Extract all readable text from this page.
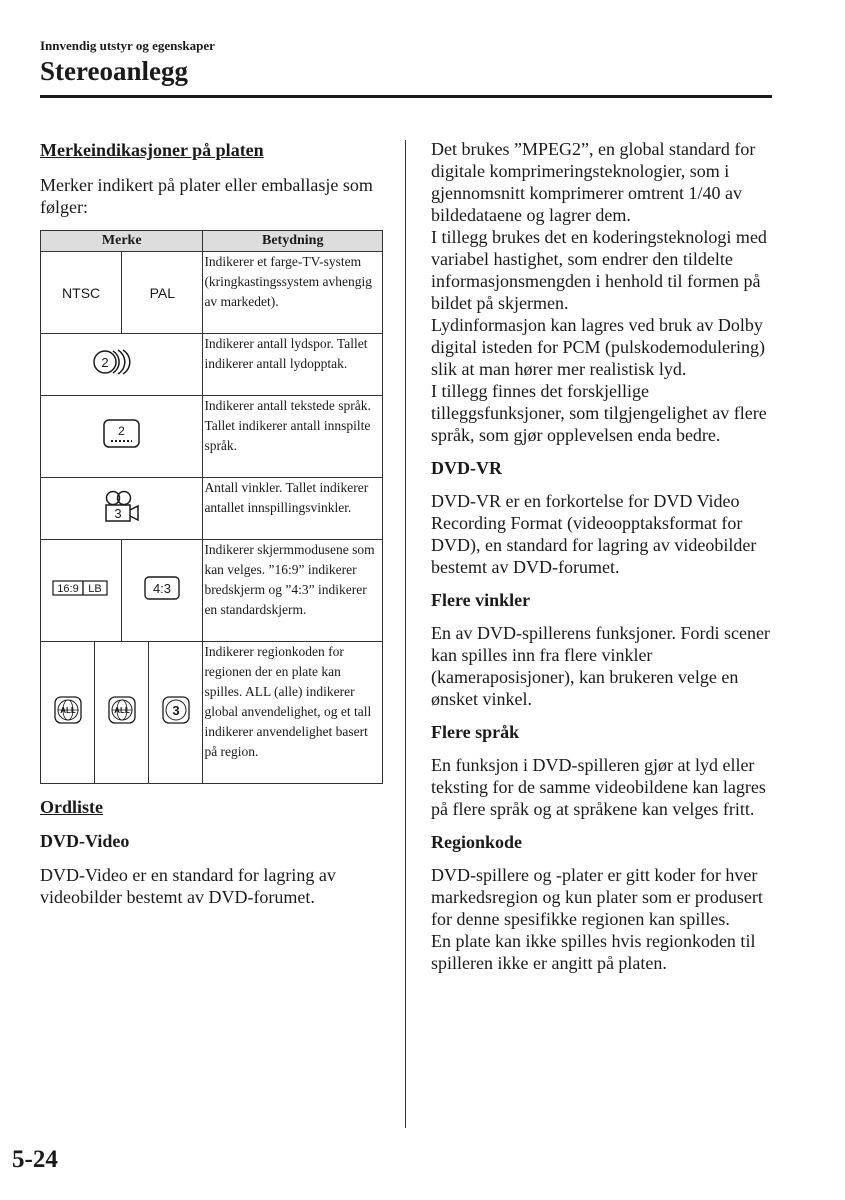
Innvendig utstyr og egenskaper
Stereoanlegg

Merkeindikasjoner på platen

Merker indikert på plater eller emballasje som følger:

Merke				Betydning
NTSC		PAL		Indikerer et farge-TV-system (kringkastingssystem avhengig av markedet).

2				Indikerer antall lydspor. Tallet indikerer antall lydopptak.

2				Indikerer antall tekstede språk. Tallet indikerer antall innspilte språk.

3				Antall vinkler. Tallet indikerer antallet innspillingsvinkler.

16:9 LB		4:3		Indikerer skjermmodusene som kan velges. ”16:9” indikerer bredskjerm og ”4:3” indikerer en standardskjerm.

ALL	ALL		3	Indikerer regionkoden for regionen der en plate kan spilles. ALL (alle) indikerer global anvendelighet, og et tall indikerer anvendelighet basert på region.

Ordliste

DVD-Video

DVD-Video er en standard for lagring av videobilder bestemt av DVD-forumet.

Det brukes ”MPEG2”, en global standard for digitale komprimeringsteknologier, som i gjennomsnitt komprimerer omtrent 1/40 av bildedataene og lagrer dem.

I tillegg brukes det en koderingsteknologi med variabel hastighet, som endrer den tildelte informasjonsmengden i henhold til formen på bildet på skjermen.

Lydinformasjon kan lagres ved bruk av Dolby digital isteden for PCM (pulskodemodulering) slik at man hører mer realistisk lyd.

I tillegg finnes det forskjellige tilleggsfunksjoner, som tilgjengelighet av flere språk, som gjør opplevelsen enda bedre.

DVD-VR

DVD-VR er en forkortelse for DVD Video Recording Format (videoopptaksformat for DVD), en standard for lagring av videobilder bestemt av DVD-forumet.

Flere vinkler

En av DVD-spillerens funksjoner. Fordi scener kan spilles inn fra flere vinkler (kameraposisjoner), kan brukeren velge en ønsket vinkel.

Flere språk

En funksjon i DVD-spilleren gjør at lyd eller teksting for de samme videobildene kan lagres på flere språk og at språkene kan velges fritt.

Regionkode

DVD-spillere og -plater er gitt koder for hver markedsregion og kun plater som er produsert for denne spesifikke regionen kan spilles.

En plate kan ikke spilles hvis regionkoden til spilleren ikke er angitt på platen.

5-24
